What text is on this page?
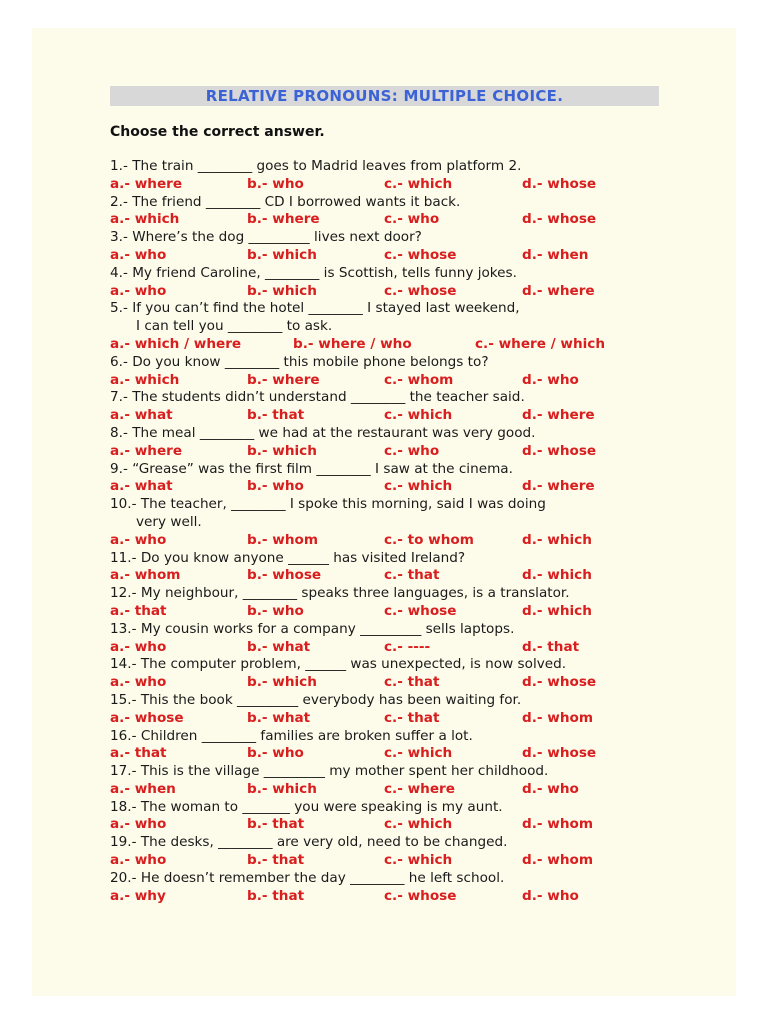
RELATIVE PRONOUNS: MULTIPLE CHOICE.
Choose the correct answer.
1.- The train ________ goes to Madrid leaves from platform 2.
a.- where	b.- who	c.- which	d.- whose
2.- The friend ________ CD I borrowed wants it back.
a.- which	b.- where	c.- who	d.- whose
3.- Where’s the dog _________ lives next door?
a.- who	b.- which	c.- whose	d.- when
4.- My friend Caroline, ________ is Scottish, tells funny jokes.
a.- who	b.- which	c.- whose	d.- where
5.- If you can’t find the hotel ________ I stayed last weekend,
I can tell you ________ to ask.
a.- which / where	b.- where / who	c.- where / which
6.- Do you know ________ this mobile phone belongs to?
a.- which	b.- where	c.- whom	d.- who
7.- The students didn’t understand ________ the teacher said.
a.- what	b.- that	c.- which	d.- where
8.- The meal ________ we had at the restaurant was very good.
a.- where	b.- which	c.- who	d.- whose
9.- “Grease” was the first film ________ I saw at the cinema.
a.- what	b.- who	c.- which	d.- where
10.- The teacher, ________ I spoke this morning, said I was doing
very well.
a.- who	b.- whom	c.- to whom	d.- which
11.- Do you know anyone ______ has visited Ireland?
a.- whom	b.- whose	c.- that	d.- which
12.- My neighbour, ________ speaks three languages, is a translator.
a.- that	b.- who	c.- whose	d.- which
13.- My cousin works for a company _________ sells laptops.
a.- who	b.- what	c.- ----	d.- that
14.- The computer problem, ______ was unexpected, is now solved.
a.- who	b.- which	c.- that	d.- whose
15.- This the book _________ everybody has been waiting for.
a.- whose	b.- what	c.- that	d.- whom
16.- Children ________ families are broken suffer a lot.
a.- that	b.- who	c.- which	d.- whose
17.- This is the village _________ my mother spent her childhood.
a.- when	b.- which	c.- where	d.- who
18.- The woman to _______ you were speaking is my aunt.
a.- who	b.- that	c.- which	d.- whom
19.- The desks, ________ are very old, need to be changed.
a.- who	b.- that	c.- which	d.- whom
20.- He doesn’t remember the day ________ he left school.
a.- why	b.- that	c.- whose	d.- who
